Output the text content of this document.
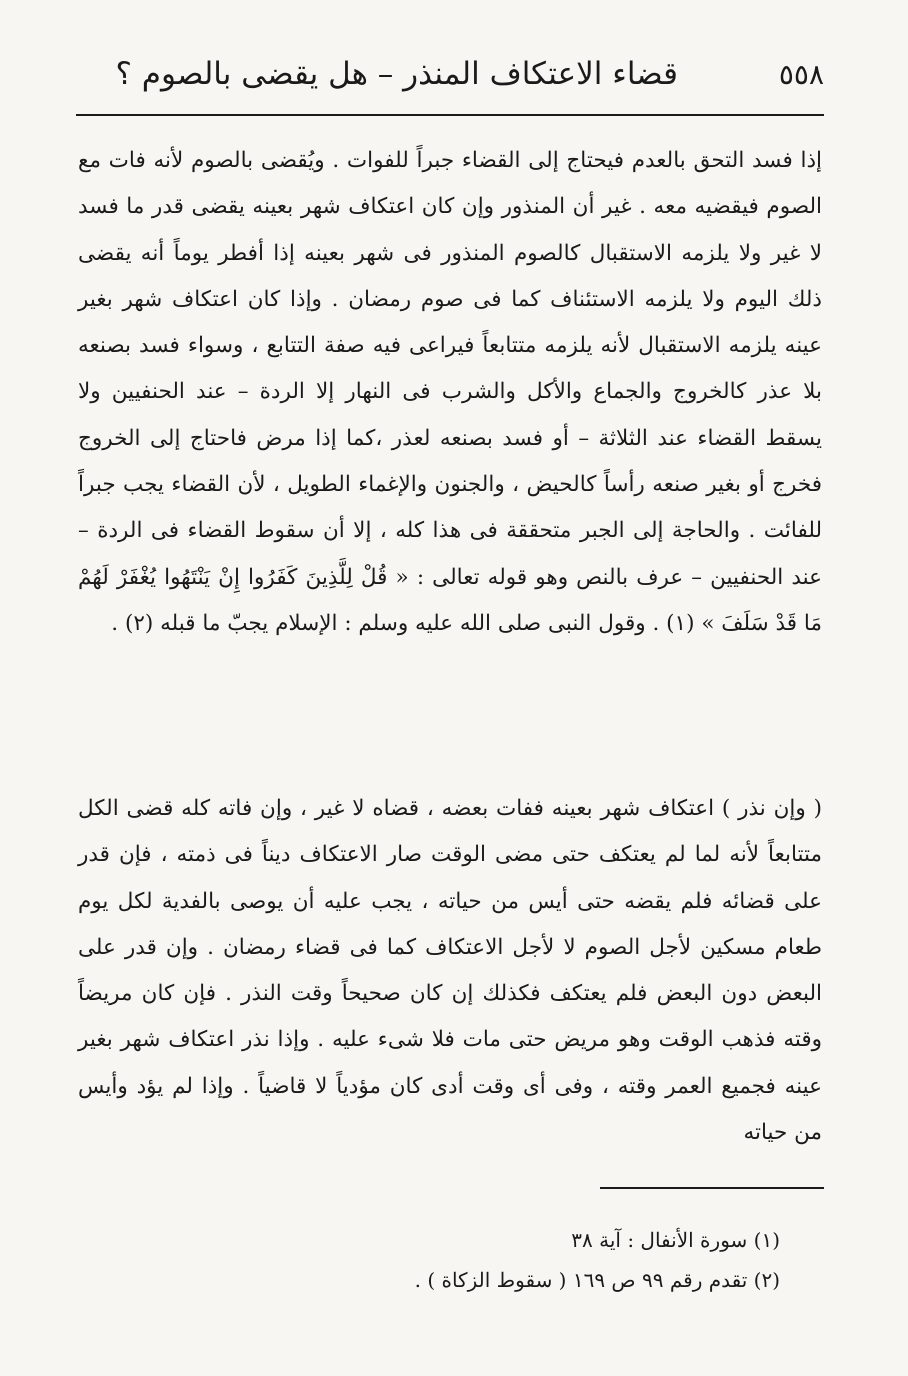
٥٥٨
قضاء الاعتكاف المنذر – هل يقضى بالصوم ؟

إذا فسد التحق بالعدم فيحتاج إلى القضاء جبراً للفوات . ويُقضى بالصوم لأنه فات مع الصوم فيقضيه معه . غير أن المنذور وإن كان اعتكاف شهر بعينه يقضى قدر ما فسد لا غير ولا يلزمه الاستقبال كالصوم المنذور فى شهر بعينه إذا أفطر يوماً أنه يقضى ذلك اليوم ولا يلزمه الاستئناف كما فى صوم رمضان . وإذا كان اعتكاف شهر بغير عينه يلزمه الاستقبال لأنه يلزمه متتابعاً فيراعى فيه صفة التتابع ، وسواء فسد بصنعه بلا عذر كالخروج والجماع والأكل والشرب فى النهار إلا الردة – عند الحنفيين ولا يسقط القضاء عند الثلاثة – أو فسد بصنعه لعذر ،كما إذا مرض فاحتاج إلى الخروج فخرج أو بغير صنعه رأساً كالحيض ، والجنون والإغماء الطويل ، لأن القضاء يجب جبراً للفائت . والحاجة إلى الجبر متحققة فى هذا كله ، إلا أن سقوط القضاء فى الردة – عند الحنفيين – عرف بالنص وهو قوله تعالى : « قُلْ لِلَّذِينَ كَفَرُوا إِنْ يَنْتَهُوا يُغْفَرْ لَهُمْ مَا قَدْ سَلَفَ » (١) . وقول النبى صلى الله عليه وسلم : الإسلام يجبّ ما قبله (٢) .

( وإن نذر ) اعتكاف شهر بعينه ففات بعضه ، قضاه لا غير ، وإن فاته كله قضى الكل متتابعاً لأنه لما لم يعتكف حتى مضى الوقت صار الاعتكاف ديناً فى ذمته ، فإن قدر على قضائه فلم يقضه حتى أيس من حياته ، يجب عليه أن يوصى بالفدية لكل يوم طعام مسكين لأجل الصوم لا لأجل الاعتكاف كما فى قضاء رمضان . وإن قدر على البعض دون البعض فلم يعتكف فكذلك إن كان صحيحاً وقت النذر . فإن كان مريضاً وقته فذهب الوقت وهو مريض حتى مات فلا شىء عليه . وإذا نذر اعتكاف شهر بغير عينه فجميع العمر وقته ، وفى أى وقت أدى كان مؤدياً لا قاضياً . وإذا لم يؤد وأيس من حياته

(١) سورة الأنفال : آية ٣٨
(٢) تقدم رقم ٩٩ ص ١٦٩ ( سقوط الزكاة ) .
